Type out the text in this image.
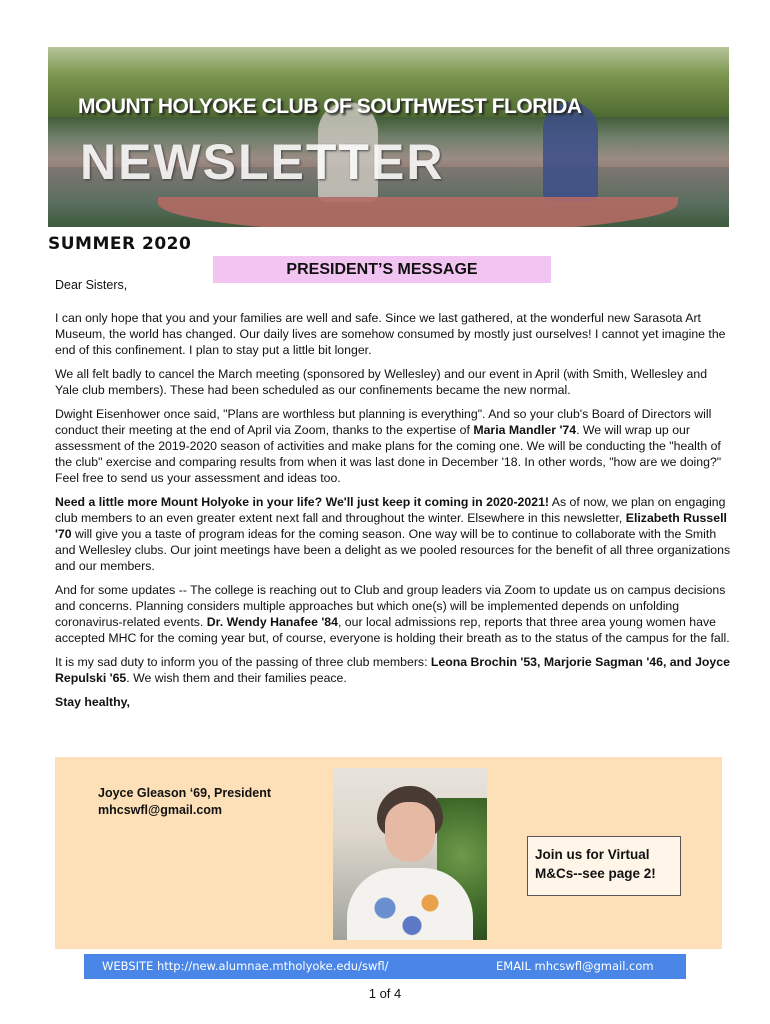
MOUNT HOLYOKE CLUB OF SOUTHWEST FLORIDA
NEWSLETTER
SUMMER 2020
PRESIDENT’S MESSAGE
Dear Sisters,

I can only hope that you and your families are well and safe. Since we last gathered, at the wonderful new Sarasota Art Museum, the world has changed. Our daily lives are somehow consumed by mostly just ourselves! I cannot yet imagine the end of this confinement. I plan to stay put a little bit longer.

We all felt badly to cancel the March meeting (sponsored by Wellesley) and our event in April (with Smith, Wellesley and Yale club members). These had been scheduled as our confinements became the new normal.

Dwight Eisenhower once said, "Plans are worthless but planning is everything". And so your club's Board of Directors will conduct their meeting at the end of April via Zoom, thanks to the expertise of Maria Mandler '74. We will wrap up our assessment of the 2019-2020 season of activities and make plans for the coming one. We will be conducting the "health of the club" exercise and comparing results from when it was last done in December '18. In other words, "how are we doing?" Feel free to send us your assessment and ideas too.

Need a little more Mount Holyoke in your life? We'll just keep it coming in 2020-2021! As of now, we plan on engaging club members to an even greater extent next fall and throughout the winter. Elsewhere in this newsletter, Elizabeth Russell '70 will give you a taste of program ideas for the coming season. One way will be to continue to collaborate with the Smith and Wellesley clubs. Our joint meetings have been a delight as we pooled resources for the benefit of all three organizations and our members.

And for some updates -- The college is reaching out to Club and group leaders via Zoom to update us on campus decisions and concerns. Planning considers multiple approaches but which one(s) will be implemented depends on unfolding coronavirus-related events. Dr. Wendy Hanafee '84, our local admissions rep, reports that three area young women have accepted MHC for the coming year but, of course, everyone is holding their breath as to the status of the campus for the fall.

It is my sad duty to inform you of the passing of three club members: Leona Brochin '53, Marjorie Sagman '46, and Joyce Repulski '65. We wish them and their families peace.

Stay healthy,

Joyce Gleason ‘69, President
mhcswfl@gmail.com
Join us for Virtual
M&Cs--see page 2!
WEBSITE http://new.alumnae.mtholyoke.edu/swfl/	EMAIL mhcswfl@gmail.com
1 of 4
